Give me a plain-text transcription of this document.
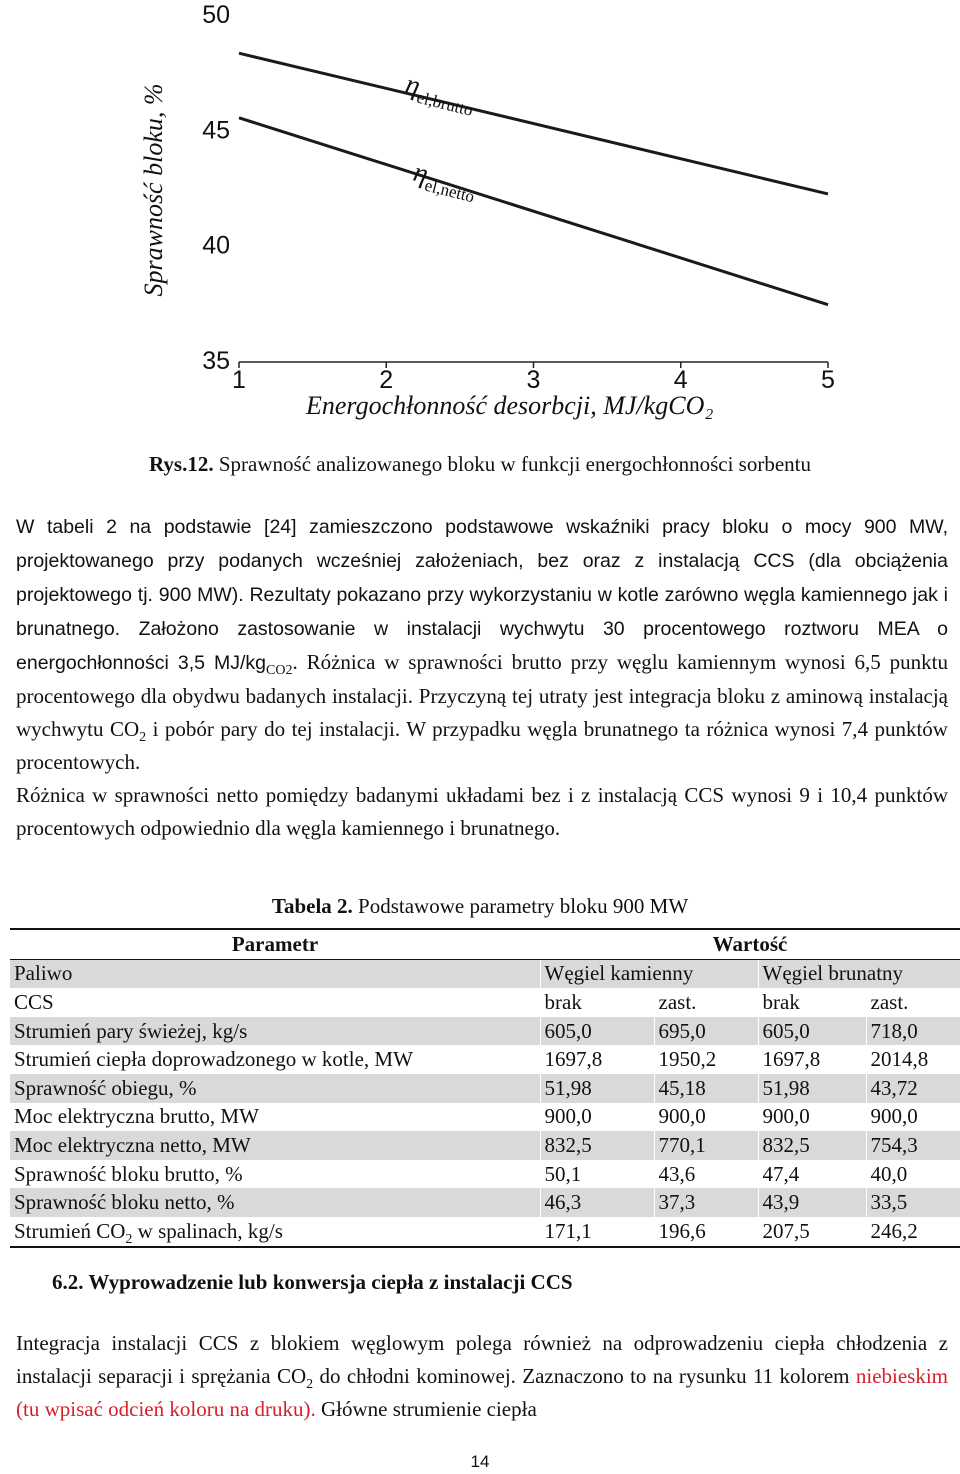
Sprawność bloku, %
35
40
45
50
1	2	3	4	5
ηel,brutto
ηel,netto
Energochłonność desorbcji, MJ/kgCO₂
Rys.12. Sprawność analizowanego bloku w funkcji energochłonności sorbentu

W tabeli 2 na podstawie [24] zamieszczono podstawowe wskaźniki pracy bloku o mocy 900 MW, projektowanego przy podanych wcześniej założeniach, bez oraz z instalacją CCS (dla obciążenia projektowego tj. 900 MW). Rezultaty pokazano przy wykorzystaniu w kotle zarówno węgla kamiennego jak i brunatnego. Założono zastosowanie w instalacji wychwytu 30 procentowego roztworu MEA o energochłonności 3,5 $MJ/kg_{CO2}$. Różnica w sprawności brutto przy węglu kamiennym wynosi 6,5 punktu procentowego dla obydwu badanych instalacji. Przyczyną tej utraty jest integracja bloku z aminową instalacją wychwytu $CO_2$ i pobór pary do tej instalacji. W przypadku węgla brunatnego ta różnica wynosi 7,4 punktów procentowych.

Różnica w sprawności netto pomiędzy badanymi układami bez i z instalacją CCS wynosi 9 i 10,4 punktów procentowych odpowiednio dla węgla kamiennego i brunatnego.

Tabela 2. Podstawowe parametry bloku 900 MW
Parametr	Wartość			
Paliwo	Węgiel kamienny		Węgiel brunatny	
CCS	brak	zast.	brak	zast.
Strumień pary świeżej, kg/s	605,0	695,0	605,0	718,0
Strumień ciepła doprowadzonego w kotle, MW	1697,8	1950,2	1697,8	2014,8
Sprawność obiegu, %	51,98	45,18	51,98	43,72
Moc elektryczna brutto, MW	900,0	900,0	900,0	900,0
Moc elektryczna netto, MW	832,5	770,1	832,5	754,3
Sprawność bloku brutto, %	50,1	43,6	47,4	40,0
Sprawność bloku netto, %	46,3	37,3	43,9	33,5
Strumień $CO_2$ w spalinach, kg/s	171,1	196,6	207,5	246,2
6.2. Wyprowadzenie lub konwersja ciepła z instalacji CCS

Integracja instalacji CCS z blokiem węglowym polega również na odprowadzeniu ciepła chłodzenia z instalacji separacji i sprężania $CO_2$ do chłodni kominowej. Zaznaczono to na rysunku 11 kolorem niebieskim (tu wpisać odcień koloru na druku). Główne strumienie ciepła

14
